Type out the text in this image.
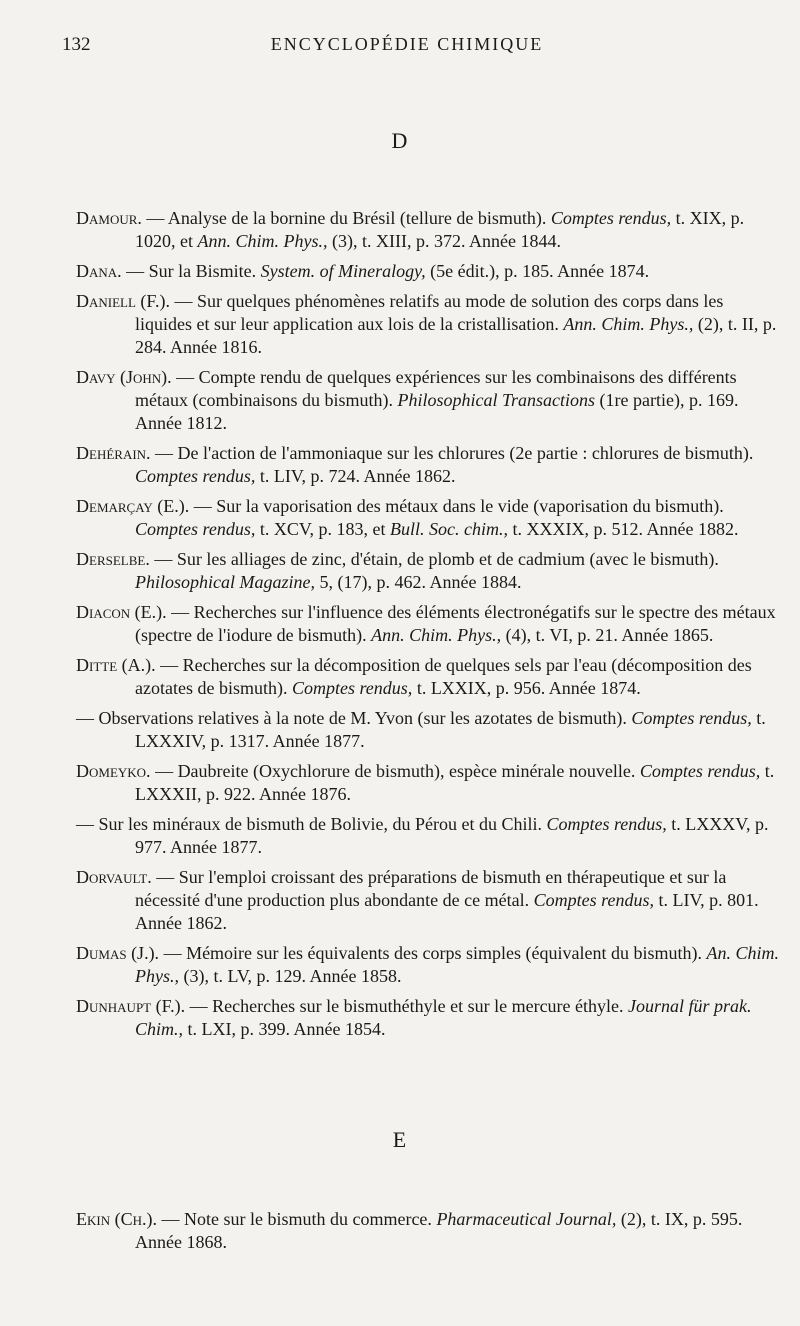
132	ENCYCLOPÉDIE CHIMIQUE
D

Damour. — Analyse de la bornine du Brésil (tellure de bismuth). Comptes rendus, t. XIX, p. 1020, et Ann. Chim. Phys., (3), t. XIII, p. 372. Année 1844.

Dana. — Sur la Bismite. System. of Mineralogy, (5e édit.), p. 185. Année 1874.

Daniell (F.). — Sur quelques phénomènes relatifs au mode de solution des corps dans les liquides et sur leur application aux lois de la cristallisation. Ann. Chim. Phys., (2), t. II, p. 284. Année 1816.

Davy (John). — Compte rendu de quelques expériences sur les combinaisons des différents métaux (combinaisons du bismuth). Philosophical Transactions (1re partie), p. 169. Année 1812.

Dehérain. — De l'action de l'ammoniaque sur les chlorures (2e partie : chlorures de bismuth). Comptes rendus, t. LIV, p. 724. Année 1862.

Demarçay (E.). — Sur la vaporisation des métaux dans le vide (vaporisation du bismuth). Comptes rendus, t. XCV, p. 183, et Bull. Soc. chim., t. XXXIX, p. 512. Année 1882.

Derselbe. — Sur les alliages de zinc, d'étain, de plomb et de cadmium (avec le bismuth). Philosophical Magazine, 5, (17), p. 462. Année 1884.

Diacon (E.). — Recherches sur l'influence des éléments électronégatifs sur le spectre des métaux (spectre de l'iodure de bismuth). Ann. Chim. Phys., (4), t. VI, p. 21. Année 1865.

Ditte (A.). — Recherches sur la décomposition de quelques sels par l'eau (décomposition des azotates de bismuth). Comptes rendus, t. LXXIX, p. 956. Année 1874.

— Observations relatives à la note de M. Yvon (sur les azotates de bismuth). Comptes rendus, t. LXXXIV, p. 1317. Année 1877.

Domeyko. — Daubreite (Oxychlorure de bismuth), espèce minérale nouvelle. Comptes rendus, t. LXXXII, p. 922. Année 1876.

— Sur les minéraux de bismuth de Bolivie, du Pérou et du Chili. Comptes rendus, t. LXXXV, p. 977. Année 1877.

Dorvault. — Sur l'emploi croissant des préparations de bismuth en thérapeutique et sur la nécessité d'une production plus abondante de ce métal. Comptes rendus, t. LIV, p. 801. Année 1862.

Dumas (J.). — Mémoire sur les équivalents des corps simples (équivalent du bismuth). An. Chim. Phys., (3), t. LV, p. 129. Année 1858.

Dunhaupt (F.). — Recherches sur le bismuthéthyle et sur le mercure éthyle. Journal für prak. Chim., t. LXI, p. 399. Année 1854.

E

Ekin (Ch.). — Note sur le bismuth du commerce. Pharmaceutical Journal, (2), t. IX, p. 595. Année 1868.
